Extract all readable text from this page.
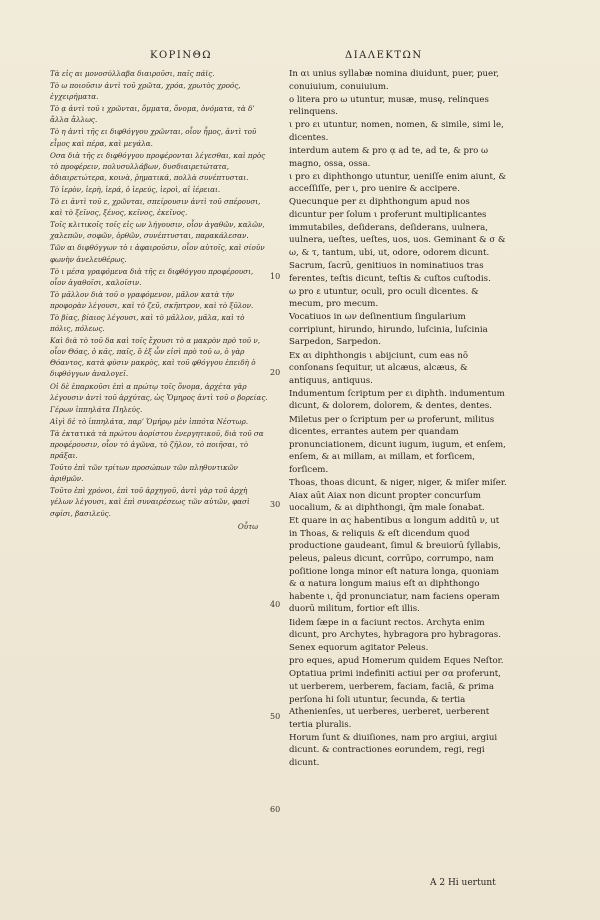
ΚΟΡΙΝΘΩ	ΔΙΑΛΕΚΤΩΝ

Τὰ εἰς αι μονοσύλλαβα διαιροῦσι, παῖς πάϊς.

Τὸ ω ποιοῦσιν ἀντὶ τοῦ χρῶτα, χρόα, χρωτὸς χροός, ἐγχειρήματα.

Τὸ ᾳ ἀντὶ τοῦ ι χρῶνται, ὄμματα, ὄνομα, ὀνόματα, τὰ δ’ ἄλλα ἄλλως.

Τὸ η ἀντὶ τῆς ει διφθόγγου χρῶνται, οἷον ἦμος, ἀντὶ τοῦ εἶμος καὶ πέρα, καὶ μεγάλα.

Οσα διὰ τῆς ει διφθόγγου προφέρονται λέγεσθαι, καὶ πρὸς τὸ προφέρειν, πολυσυλλάβων, δυσδιαιρετώτατα, ἀδιαιρετώτερα, κοινὰ, ῥηματικά, πολλὰ συνέπτυσται.

Τὸ ἱερὸν, ἱερὴ, ἱερά, ὁ ἱερεύς, ἱεροὶ, αἱ ἱέρειαι.

Τὸ ει ἀντὶ τοῦ ε, χρῶνται, σπείρουσιν ἀντὶ τοῦ σπέρουσι, καὶ τὸ ξεῖνος, ξένος, κεῖνος, ἐκεῖνος.

Τοῖς κλιτικοῖς τοῖς εἰς ων λήγουσιν, οἷον ἀγαθῶν, καλῶν, χαλεπῶν, σοφῶν, ὀρθῶν, συνέπτυσται, παρακάλεσαν.

Τῶν αι διφθόγγων τὸ ι ἀφαιροῦσιν, οἷον αὐτοῖς, καὶ σίοῦν φωνὴν ἀνελευθέρως.

Τὸ ι μέσα γραφόμενα διὰ τῆς ει διφθόγγου προφέρουσι, οἷον ἀγαθοῖσι, καλοῖσιν.

Τὸ μᾶλλον διὰ τοῦ ο γραφόμενον, μᾶλον κατὰ τὴν προφορὰν λέγουσι, καὶ τὸ ζεῦ, σκῆπτρον, καὶ τὸ ξῦλον.

Τὸ βίας, βίαιος λέγουσι, καὶ τὸ μᾶλλον, μᾶλα, καὶ τὸ πόλις, πόλεως.

Καὶ διὰ τὸ τοῦ δα καὶ τοῖς ἔχουσι τὸ α μακρὸν πρὸ τοῦ ν, οἷον Θόας, ὁ κᾶς, παῖς, ὃ ἐξ ὧν εἰσὶ πρὸ τοῦ ω, ὁ γὰρ Θόαντος, κατὰ φύσιν μακρὸς, καὶ τοῦ φθόγγου ἐπειδὴ ὁ διφθόγγων ἀναλογεῖ.

Οἱ δὲ ἐπαρκοῦσι ἐπὶ α πρώτῳ τοῖς ὄνομα, ἀρχέτα γὰρ λέγουσιν ἀντὶ τοῦ ἀρχύτας, ὡς Ὅμηρος ἀντὶ τοῦ ο βορείας.

Γέρων ἱππηλάτα Πηλεύς.

Αἰγὶ δὲ τὸ ἱππηλάτα, παρ’ Ὁμήρῳ μὲν ἱππότα Νέστωρ.

Τὰ ἐκτατικὰ τὰ πρώτου ἀορίστου ἐνεργητικοῦ, διὰ τοῦ σα προφέρουσιν, οἷον τὸ ἀγῶνα, τὸ ζῆλον, τὸ ποιῆσαι, τὸ πρᾶξαι.

Τοῦτο ἐπὶ τῶν τρίτων προσώπων τῶν πληθυντικῶν ἀριθμῶν.

Τοῦτο ἐπὶ χρόνοι, ἐπὶ τοῦ ἀρχηγοῦ, ἀντὶ γὰρ τοῦ ἀρχὴ γέλων λέγουσι, καὶ ἐπὶ συναιρέσεως τῶν αὐτῶν, φασὶ σφίσι, βασιλεύς.

Οὗτω

10
20
30
40
50
60

In αι unius syllabæ nomina diuidunt, puer, puer, conuiuium, conuiuium.

ο litera pro ω utuntur, musæ, musę, relinques relinquens.

ι pro ει utuntur, nomen, nomen, & simile, simi le, dicentes.

interdum autem & pro ᾳ ad te, ad te, & pro ω magno, ossa, ossa.

ι pro ει diphthongo utuntur, ueniſſe enim aiunt, & acceſſiſſe, per ι, pro uenire & accipere.

Quecunque per ει diphthongum apud nos dicuntur per ſolum ι proferunt multiplicantes immutabiles, deſiderans, deſiderans, uulnera, uulnera, ueſtes, ueſtes, uos, uos. Geminant & σ & ω, & τ, tantum, ubi, ut, odore, odorem dicunt.

Sacrum, ſacrū, genitiuos in nominatiuos tras ferentes, teſtis dicunt, teſtis & cuſtos cuſtodis.

ω pro ε utuntur, oculi, pro oculi dicentes. & mecum, pro mecum.

Vocatiuos in ων deſinentium ſingularium corripiunt, hirundo, hirundo, luſcinia, luſcinia Sarpedon, Sarpedon.

Ex αι diphthongis ι abijciunt, cum eas nō conſonans ſequitur, ut alcæus, alcæus, & antiquus, antiquus.

Indumentum ſcriptum per ει diphth. indumentum dicunt, & dolorem, dolorem, & dentes, dentes.

Miletus per ο ſcriptum per ω proferunt, militus dicentes, errantes autem per quandam pronunciationem, dicunt iugum, iugum, et enſem, enſem, & aι millam, aι millam, et forſicem, forſicem.

Thoas, thoas dicunt, & niger, niger, & miſer miſer. Aiax aūt Aiax non dicunt propter concurſum uocalium, & aι diphthongi, q̄m male ſonabat.

Et quare in ας habentibus α longum additū ν, ut in Thoas, & reliquis & eſt dicendum quod productione gaudeant, ſimul & breuiorū ſyllabis, peleus, paleus dicunt, corrūpo, corrumpo, nam poſitione longa minor eſt natura longa, quoniam & α natura longum maius eſt αι diphthongo habente ι, q̄d pronunciatur, nam faciens operam duorū militum, fortior eſt illis.

Iidem ſæpe in α faciunt rectos. Archyta enim dicunt, pro Archytes, hybragora pro hybragoras.

Senex equorum agitator Peleus.

pro eques, apud Homerum quidem Eques Neſtor.

Optatiua primi indefiniti actiui per σα proferunt, ut uerberem, uerberem, faciam, faciā, & prima perſona hi ſoli utuntur, ſecunda, & tertia Athenienſes, ut uerberes, uerberet, uerberent tertia pluralis.

Horum ſunt & diuiſiones, nam pro argiui, argiui dicunt. & contractiones eorundem, regi, regi dicunt.

A 2 Hi uertunt
